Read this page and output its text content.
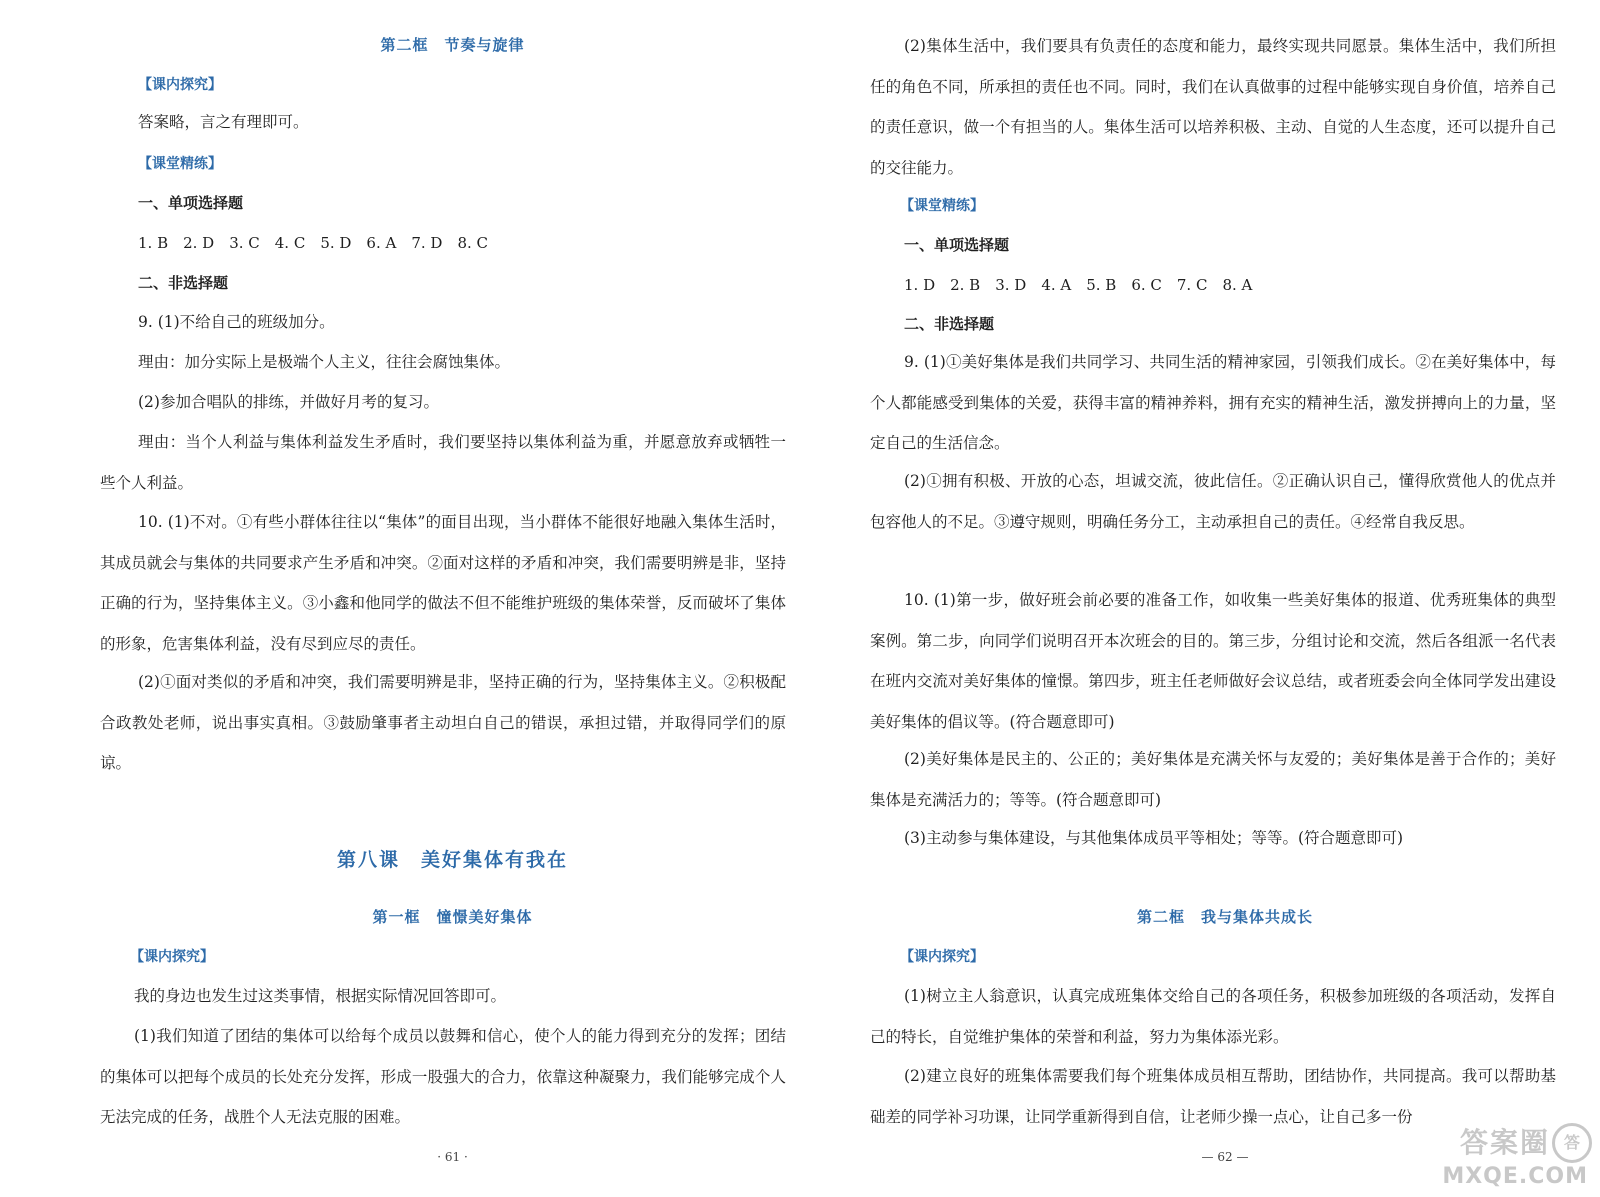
第二框　节奏与旋律
【课内探究】
答案略，言之有理即可。
【课堂精练】
一、单项选择题
1. B　2. D　3. C　4. C　5. D　6. A　7. D　8. C
二、非选择题
9. (1)不给自己的班级加分。
理由：加分实际上是极端个人主义，往往会腐蚀集体。
(2)参加合唱队的排练，并做好月考的复习。
理由：当个人利益与集体利益发生矛盾时，我们要坚持以集体利益为重，并愿意放弃或牺牲一些个人利益。
10. (1)不对。①有些小群体往往以“集体”的面目出现，当小群体不能很好地融入集体生活时，其成员就会与集体的共同要求产生矛盾和冲突。②面对这样的矛盾和冲突，我们需要明辨是非，坚持正确的行为，坚持集体主义。③小鑫和他同学的做法不但不能维护班级的集体荣誉，反而破坏了集体的形象，危害集体利益，没有尽到应尽的责任。
(2)①面对类似的矛盾和冲突，我们需要明辨是非，坚持正确的行为，坚持集体主义。②积极配合政教处老师，说出事实真相。③鼓励肇事者主动坦白自己的错误，承担过错，并取得同学们的原谅。
第八课　美好集体有我在
第一框　憧憬美好集体
【课内探究】
我的身边也发生过这类事情，根据实际情况回答即可。
(1)我们知道了团结的集体可以给每个成员以鼓舞和信心，使个人的能力得到充分的发挥；团结的集体可以把每个成员的长处充分发挥，形成一股强大的合力，依靠这种凝聚力，我们能够完成个人无法完成的任务，战胜个人无法克服的困难。
· 61 ·
(2)集体生活中，我们要具有负责任的态度和能力，最终实现共同愿景。集体生活中，我们所担任的角色不同，所承担的责任也不同。同时，我们在认真做事的过程中能够实现自身价值，培养自己的责任意识，做一个有担当的人。集体生活可以培养积极、主动、自觉的人生态度，还可以提升自己的交往能力。
【课堂精练】
一、单项选择题
1. D　2. B　3. D　4. A　5. B　6. C　7. C　8. A
二、非选择题
9. (1)①美好集体是我们共同学习、共同生活的精神家园，引领我们成长。②在美好集体中，每个人都能感受到集体的关爱，获得丰富的精神养料，拥有充实的精神生活，激发拼搏向上的力量，坚定自己的生活信念。
(2)①拥有积极、开放的心态，坦诚交流，彼此信任。②正确认识自己，懂得欣赏他人的优点并包容他人的不足。③遵守规则，明确任务分工，主动承担自己的责任。④经常自我反思。
10. (1)第一步，做好班会前必要的准备工作，如收集一些美好集体的报道、优秀班集体的典型案例。第二步，向同学们说明召开本次班会的目的。第三步，分组讨论和交流，然后各组派一名代表在班内交流对美好集体的憧憬。第四步，班主任老师做好会议总结，或者班委会向全体同学发出建设美好集体的倡议等。(符合题意即可)
(2)美好集体是民主的、公正的；美好集体是充满关怀与友爱的；美好集体是善于合作的；美好集体是充满活力的；等等。(符合题意即可)
(3)主动参与集体建设，与其他集体成员平等相处；等等。(符合题意即可)
第二框　我与集体共成长
【课内探究】
(1)树立主人翁意识，认真完成班集体交给自己的各项任务，积极参加班级的各项活动，发挥自己的特长，自觉维护集体的荣誉和利益，努力为集体添光彩。
(2)建立良好的班集体需要我们每个班集体成员相互帮助，团结协作，共同提高。我可以帮助基础差的同学补习功课，让同学重新得到自信，让老师少操一点心，让自己多一份
— 62 —	答案圈 答
MXQE.COM
